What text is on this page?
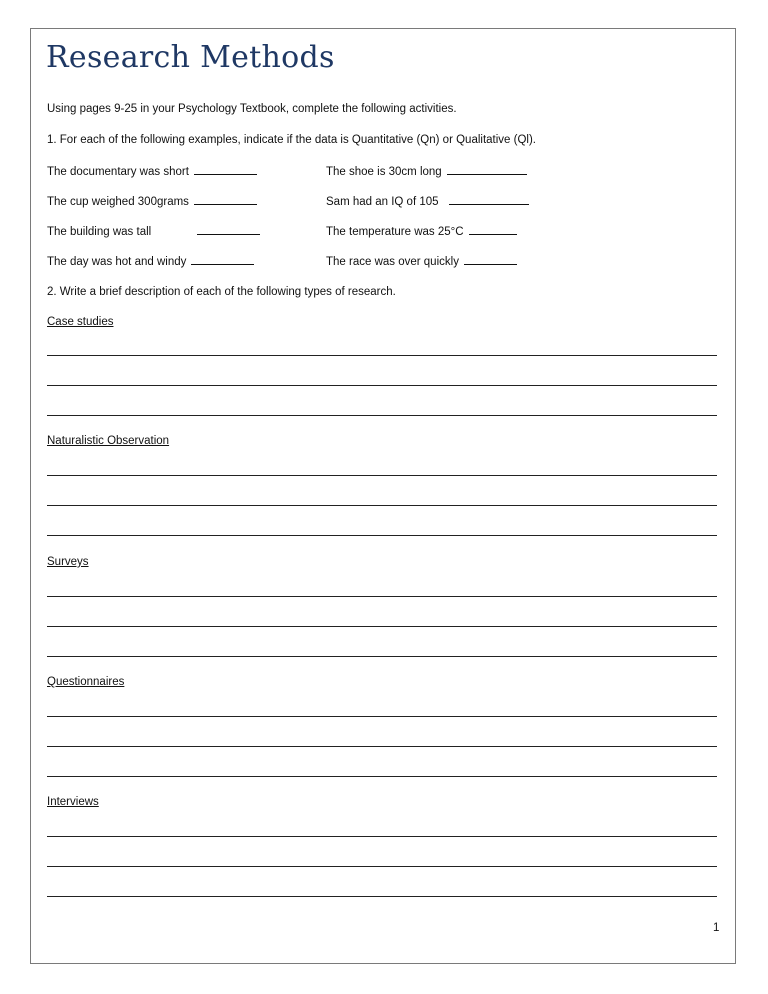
Research Methods
Using pages 9-25 in your Psychology Textbook, complete the following activities.
1. For each of the following examples, indicate if the data is Quantitative (Qn) or Qualitative (Ql).
The documentary was short
The cup weighed 300grams
The building was tall
The day was hot and windy
The shoe is 30cm long
Sam had an IQ of 105
The temperature was 25°C
The race was over quickly
2. Write a brief description of each of the following types of research.
Case studies
Naturalistic Observation
Surveys
Questionnaires
Interviews
1
